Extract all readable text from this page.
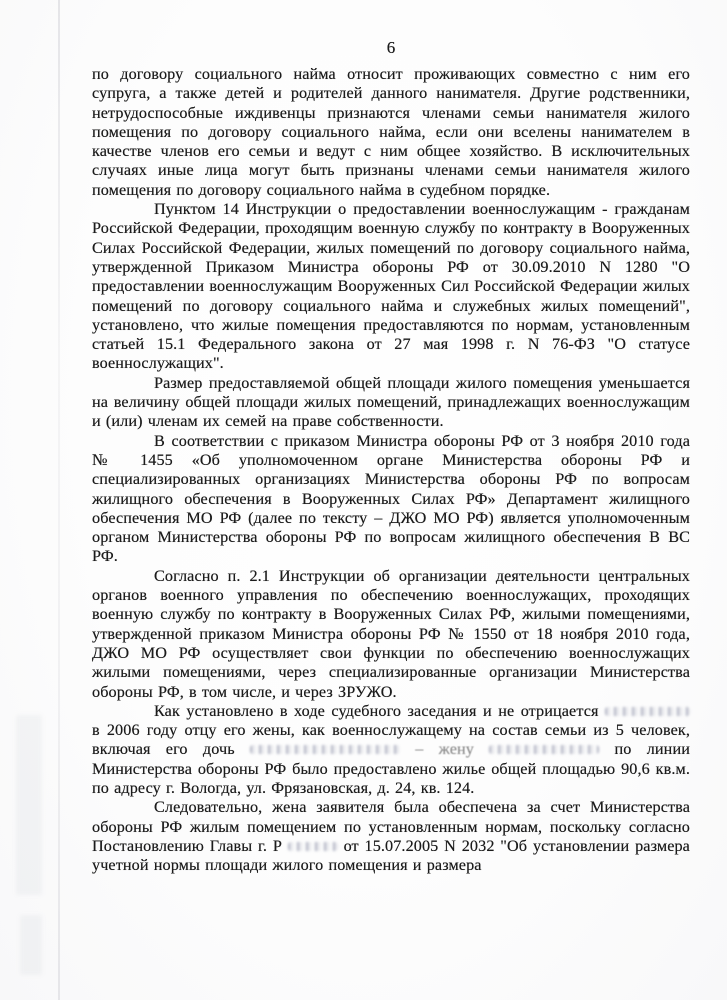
6

по договору социального найма относит проживающих совместно с ним его супруга, а также детей и родителей данного нанимателя. Другие родственники, нетрудоспособные иждивенцы признаются членами семьи нанимателя жилого помещения по договору социального найма, если они вселены нанимателем в качестве членов его семьи и ведут с ним общее хозяйство. В исключительных случаях иные лица могут быть признаны членами семьи нанимателя жилого помещения по договору социального найма в судебном порядке.

Пунктом 14 Инструкции о предоставлении военнослужащим - гражданам Российской Федерации, проходящим военную службу по контракту в Вооруженных Силах Российской Федерации, жилых помещений по договору социального найма, утвержденной Приказом Министра обороны РФ от 30.09.2010 N 1280 "О предоставлении военнослужащим Вооруженных Сил Российской Федерации жилых помещений по договору социального найма и служебных жилых помещений", установлено, что жилые помещения предоставляются по нормам, установленным статьей 15.1 Федерального закона от 27 мая 1998 г. N 76-ФЗ "О статусе военнослужащих".

Размер предоставляемой общей площади жилого помещения уменьшается на величину общей площади жилых помещений, принадлежащих военнослужащим и (или) членам их семей на праве собственности.

В соответствии с приказом Министра обороны РФ от 3 ноября 2010 года № 1455 «Об уполномоченном органе Министерства обороны РФ и специализированных организациях Министерства обороны РФ по вопросам жилищного обеспечения в Вооруженных Силах РФ» Департамент жилищного обеспечения МО РФ (далее по тексту – ДЖО МО РФ) является уполномоченным органом Министерства обороны РФ по вопросам жилищного обеспечения В ВС РФ.

Согласно п. 2.1 Инструкции об организации деятельности центральных органов военного управления по обеспечению военнослужащих, проходящих военную службу по контракту в Вооруженных Силах РФ, жилыми помещениями, утвержденной приказом Министра обороны РФ № 1550 от 18 ноября 2010 года, ДЖО МО РФ осуществляет свои функции по обеспечению военнослужащих жилыми помещениями, через специализированные организации Министерства обороны РФ, в том числе, и через ЗРУЖО.

Как установлено в ходе судебного заседания и не отрицается  в 2006 году отцу его жены, как военнослужащему на состав семьи из 5 человек, включая его дочь	– жену	по линии Министерства обороны РФ было предоставлено жилье общей площадью 90,6 кв.м. по адресу г. Вологда, ул. Фрязановская, д. 24, кв. 124.

Следовательно, жена заявителя была обеспечена за счет Министерства обороны РФ жилым помещением по установленным нормам, поскольку согласно Постановлению Главы г. Р	от 15.07.2005 N 2032 "Об установлении размера учетной нормы площади жилого помещения и размера
